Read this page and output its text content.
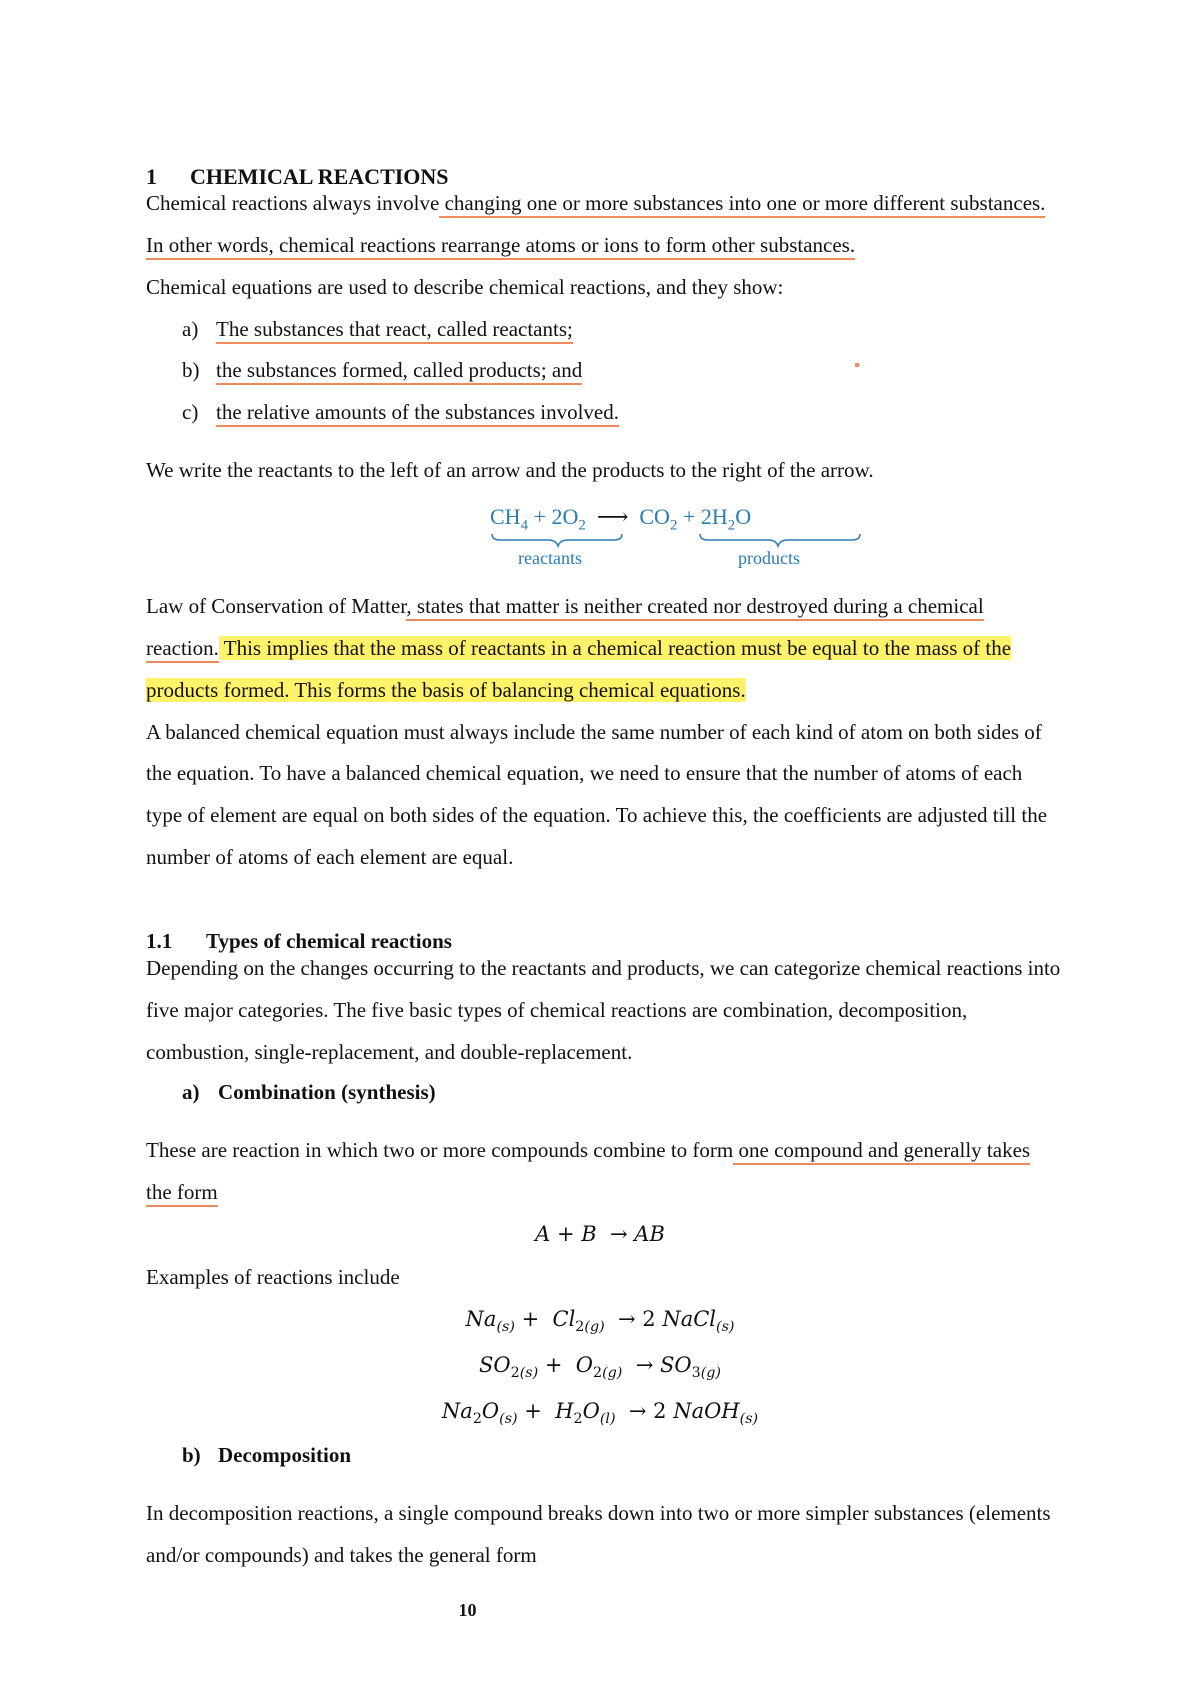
1 CHEMICAL REACTIONS
Chemical reactions always involve changing one or more substances into one or more different substances.
In other words, chemical reactions rearrange atoms or ions to form other substances.
Chemical equations are used to describe chemical reactions, and they show:
a) The substances that react, called reactants;
b) the substances formed, called products; and
c) the relative amounts of the substances involved.
We write the reactants to the left of an arrow and the products to the right of the arrow.
$CH_4 + 2O_2$  ⟶  $CO_2 + 2H_2O$
reactants	products
Law of Conservation of Matter, states that matter is neither created nor destroyed during a chemical
reaction. This implies that the mass of reactants in a chemical reaction must be equal to the mass of the
products formed. This forms the basis of balancing chemical equations.
A balanced chemical equation must always include the same number of each kind of atom on both sides of
the equation. To have a balanced chemical equation, we need to ensure that the number of atoms of each
type of element are equal on both sides of the equation. To achieve this, the coefficients are adjusted till the
number of atoms of each element are equal.
1.1 Types of chemical reactions
Depending on the changes occurring to the reactants and products, we can categorize chemical reactions into
five major categories. The five basic types of chemical reactions are combination, decomposition,
combustion, single-replacement, and double-replacement.
a) Combination (synthesis)
These are reaction in which two or more compounds combine to form one compound and generally takes
the form
A + B  → AB
Examples of reactions include
$Na_{(s)} + Cl_{2(g)} \to 2$ NaCl$_{(s)}$
$SO_{2(s)} + O_{2(g)} \to SO_{3(g)}$
$Na_2O_{(s)} + H_2O_{(l)} \to 2$ NaOH$_{(s)}$
b) Decomposition
In decomposition reactions, a single compound breaks down into two or more simpler substances (elements
and/or compounds) and takes the general form
10
